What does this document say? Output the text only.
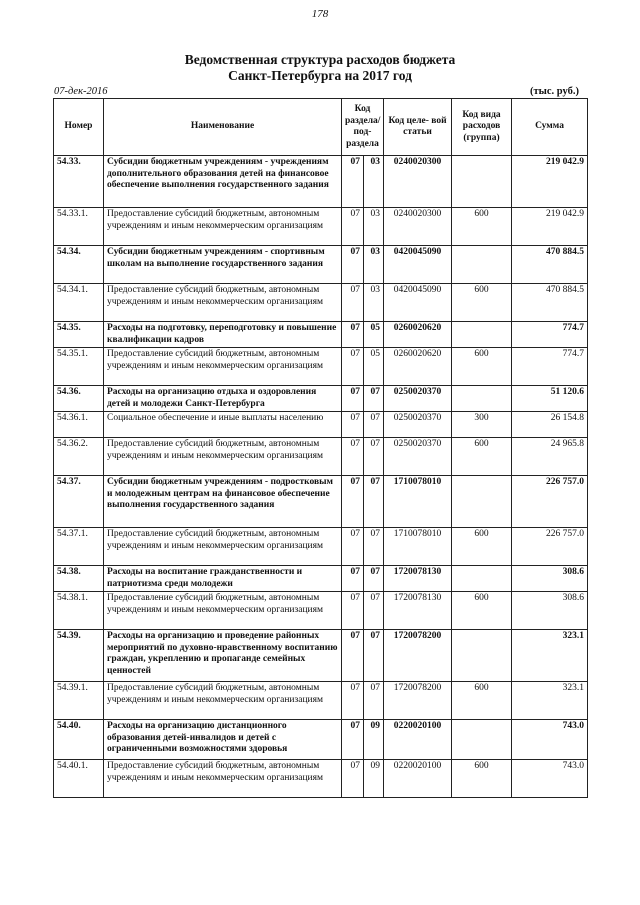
178
Ведомственная структура расходов бюджета
Санкт-Петербурга на 2017 год
07-дек-2016	(тыс. руб.)
Номер	Наименование	Код раздела/ под- раздела		Код целе- вой статьи	Код вида расходов (группа)	Сумма
54.33.	Субсидии бюджетным учреждениям - учреждениям дополнительного образования детей на финансовое обеспечение выполнения государственного задания	07	03	0240020300		219 042.9
54.33.1.	Предоставление субсидий бюджетным, автономным учреждениям и иным некоммерческим организациям	07	03	0240020300	600	219 042.9
54.34.	Субсидии бюджетным учреждениям - спортивным школам на выполнение государственного задания	07	03	0420045090		470 884.5
54.34.1.	Предоставление субсидий бюджетным, автономным учреждениям и иным некоммерческим организациям	07	03	0420045090	600	470 884.5
54.35.	Расходы на подготовку, переподготовку и повышение квалификации кадров	07	05	0260020620		774.7
54.35.1.	Предоставление субсидий бюджетным, автономным учреждениям и иным некоммерческим организациям	07	05	0260020620	600	774.7
54.36.	Расходы на организацию отдыха и оздоровления детей и молодежи Санкт-Петербурга	07	07	0250020370		51 120.6
54.36.1.	Социальное обеспечение и иные выплаты населению	07	07	0250020370	300	26 154.8
54.36.2.	Предоставление субсидий бюджетным, автономным учреждениям и иным некоммерческим организациям	07	07	0250020370	600	24 965.8
54.37.	Субсидии бюджетным учреждениям - подростковым и молодежным центрам на финансовое обеспечение выполнения государственного задания	07	07	1710078010		226 757.0
54.37.1.	Предоставление субсидий бюджетным, автономным учреждениям и иным некоммерческим организациям	07	07	1710078010	600	226 757.0
54.38.	Расходы на воспитание гражданственности и патриотизма среди молодежи	07	07	1720078130		308.6
54.38.1.	Предоставление субсидий бюджетным, автономным учреждениям и иным некоммерческим организациям	07	07	1720078130	600	308.6
54.39.	Расходы на организацию и проведение районных мероприятий по духовно-нравственному воспитанию граждан, укреплению и пропаганде семейных ценностей	07	07	1720078200		323.1
54.39.1.	Предоставление субсидий бюджетным, автономным учреждениям и иным некоммерческим организациям	07	07	1720078200	600	323.1
54.40.	Расходы на организацию дистанционного образования детей-инвалидов и детей с ограниченными возможностями здоровья	07	09	0220020100		743.0
54.40.1.	Предоставление субсидий бюджетным, автономным учреждениям и иным некоммерческим организациям	07	09	0220020100	600	743.0
